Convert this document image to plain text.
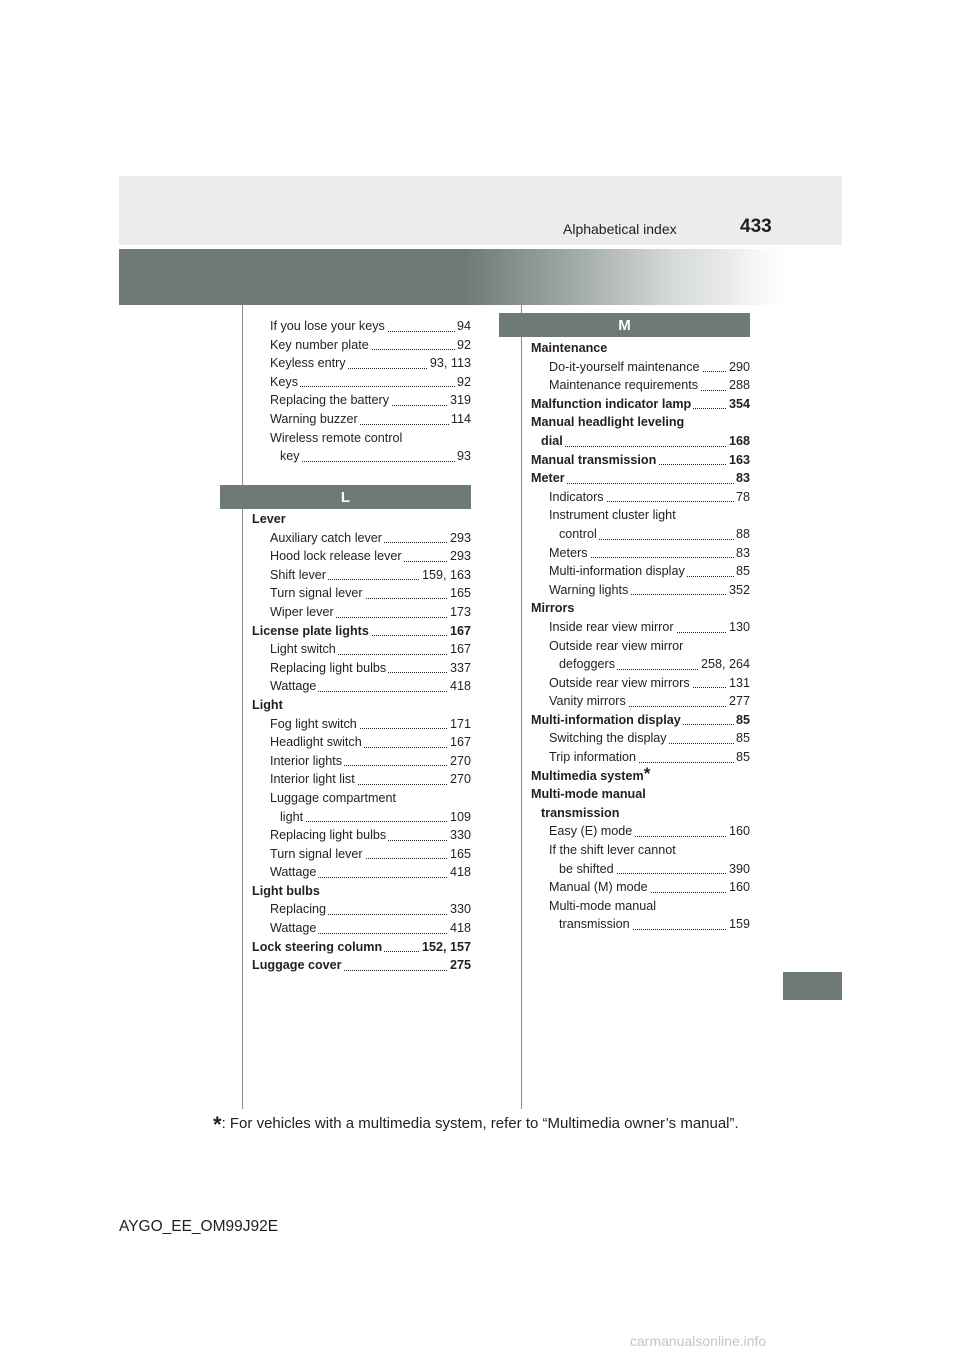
Alphabetical index	433
If you lose your keys	94
Key number plate	92
Keyless entry	93, 113
Keys	92
Replacing the battery	319
Warning buzzer	114
Wireless remote control
key	93
L
Lever
Auxiliary catch lever	293
Hood lock release lever	293
Shift lever	159, 163
Turn signal lever	165
Wiper lever	173
License plate lights	167
Light switch	167
Replacing light bulbs	337
Wattage	418
Light
Fog light switch	171
Headlight switch	167
Interior lights	270
Interior light list	270
Luggage compartment
light	109
Replacing light bulbs	330
Turn signal lever	165
Wattage	418
Light bulbs
Replacing	330
Wattage	418
Lock steering column	152, 157
Luggage cover	275
M
Maintenance
Do-it-yourself maintenance 290
Maintenance requirements 288
Malfunction indicator lamp	354
Manual headlight leveling
dial	168
Manual transmission	163
Meter	83
Indicators	78
Instrument cluster light
control	88
Meters	83
Multi-information display	85
Warning lights	352
Mirrors
Inside rear view mirror	130
Outside rear view mirror
defoggers	258, 264
Outside rear view mirrors	131
Vanity mirrors	277
Multi-information display	85
Switching the display	85
Trip information	85
Multimedia system*
Multi-mode manual
transmission
Easy (E) mode	160
If the shift lever cannot
be shifted	390
Manual (M) mode	160
Multi-mode manual
transmission	159
*: For vehicles with a multimedia system, refer to “Multimedia owner’s manual”.
AYGO_EE_OM99J92E
carmanualsonline.info
